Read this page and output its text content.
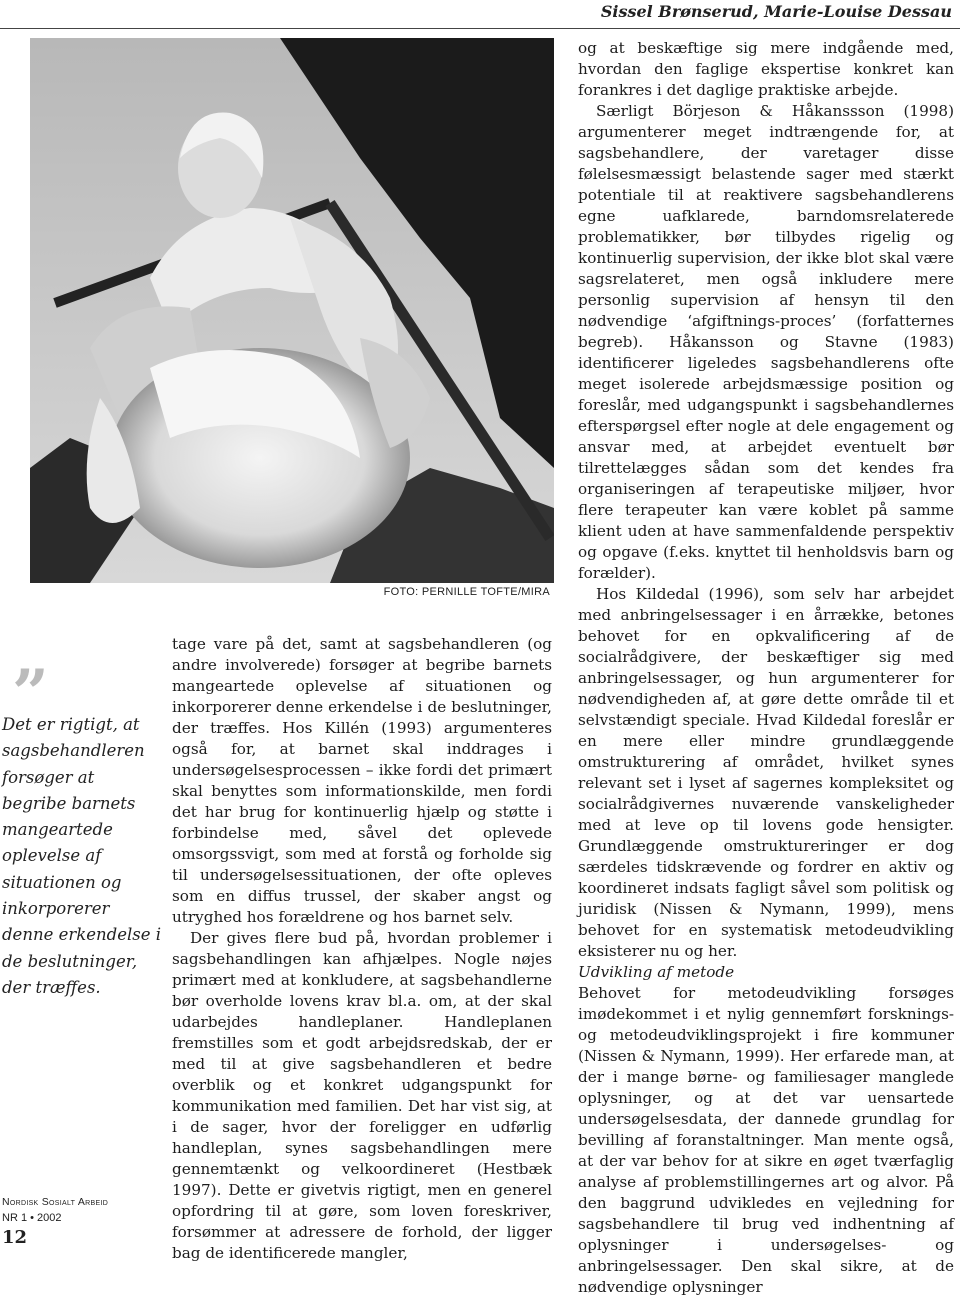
Sissel Brønserud, Marie-Louise Dessau
FOTO: PERNILLE TOFTE/MIRA
”
Det er rigtigt, at sagsbehandleren forsøger at begribe barnets mangeartede oplevelse af situationen og inkorporerer denne erkendelse i de beslutninger, der træffes.
Nordisk Sosialt Arbeid
NR 1 • 2002
12

tage vare på det, samt at sagsbehandleren (og andre involverede) forsøger at begribe barnets mangeartede oplevelse af situationen og inkorporerer denne erkendelse i de beslutninger, der træffes. Hos Killén (1993) argumenteres også for, at barnet skal inddrages i undersøgelsesprocessen – ikke fordi det primært skal benyttes som informationskilde, men fordi det har brug for kontinuerlig hjælp og støtte i forbindelse med, såvel det oplevede omsorgssvigt, som med at forstå og forholde sig til undersøgelsessituationen, der ofte opleves som en diffus trussel, der skaber angst og utryghed hos forældrene og hos barnet selv.

Der gives flere bud på, hvordan problemer i sagsbehandlingen kan afhjælpes. Nogle nøjes primært med at konkludere, at sagsbehandlerne bør overholde lovens krav bl.a. om, at der skal udarbejdes handleplaner. Handleplanen fremstilles som et godt arbejdsredskab, der er med til at give sagsbehandleren et bedre overblik og et konkret udgangspunkt for kommunikation med familien. Det har vist sig, at i de sager, hvor der foreligger en udførlig handleplan, synes sagsbehandlingen mere gennemtænkt og velkoordineret (Hestbæk 1997). Dette er givetvis rigtigt, men en generel opfordring til at gøre, som loven foreskriver, forsømmer at adressere de forhold, der ligger bag de identificerede mangler,

og at beskæftige sig mere indgående med, hvordan den faglige ekspertise konkret kan forankres i det daglige praktiske arbejde.

Særligt Börjeson & Håkanssson (1998) argumenterer meget indtrængende for, at sagsbehandlere, der varetager disse følelsesmæssigt belastende sager med stærkt potentiale til at reaktivere sagsbehandlerens egne uafklarede, barndomsrelaterede problematikker, bør tilbydes rigelig og kontinuerlig supervision, der ikke blot skal være sagsrelateret, men også inkludere mere personlig supervision af hensyn til den nødvendige ‘afgiftnings-proces’ (forfatternes begreb). Håkansson og Stavne (1983) identificerer ligeledes sagsbehandlerens ofte meget isolerede arbejdsmæssige position og foreslår, med udgangspunkt i sagsbehandlernes efterspørgsel efter nogle at dele engagement og ansvar med, at arbejdet eventuelt bør tilrettelægges sådan som det kendes fra organiseringen af terapeutiske miljøer, hvor flere terapeuter kan være koblet på samme klient uden at have sammenfaldende perspektiv og opgave (f.eks. knyttet til henholdsvis barn og forælder).

Hos Kildedal (1996), som selv har arbejdet med anbringelsessager i en årrække, betones behovet for en opkvalificering af de socialrådgivere, der beskæftiger sig med anbringelsessager, og hun argumenterer for nødvendigheden af, at gøre dette område til et selvstændigt speciale. Hvad Kildedal foreslår er en mere eller mindre grundlæggende omstrukturering af området, hvilket synes relevant set i lyset af sagernes kompleksitet og socialrådgivernes nuværende vanskeligheder med at leve op til lovens gode hensigter. Grundlæggende omstruktureringer er dog særdeles tidskrævende og fordrer en aktiv og koordineret indsats fagligt såvel som politisk og juridisk (Nissen & Nymann, 1999), mens behovet for en systematisk metodeudvikling eksisterer nu og her.

Udvikling af metode

Behovet for metodeudvikling forsøges imødekommet i et nylig gennemført forsknings- og metodeudviklingsprojekt i fire kommuner (Nissen & Nymann, 1999). Her erfarede man, at der i mange børne- og familiesager manglede oplysninger, og at det var uensartede undersøgelsesdata, der dannede grundlag for bevilling af foranstaltninger. Man mente også, at der var behov for at sikre en øget tværfaglig analyse af problemstillingernes art og alvor. På den baggrund udvikledes en vejledning for sagsbehandlere til brug ved indhentning af oplysninger i undersøgelses- og anbringelsessager. Den skal sikre, at de nødvendige oplysninger
